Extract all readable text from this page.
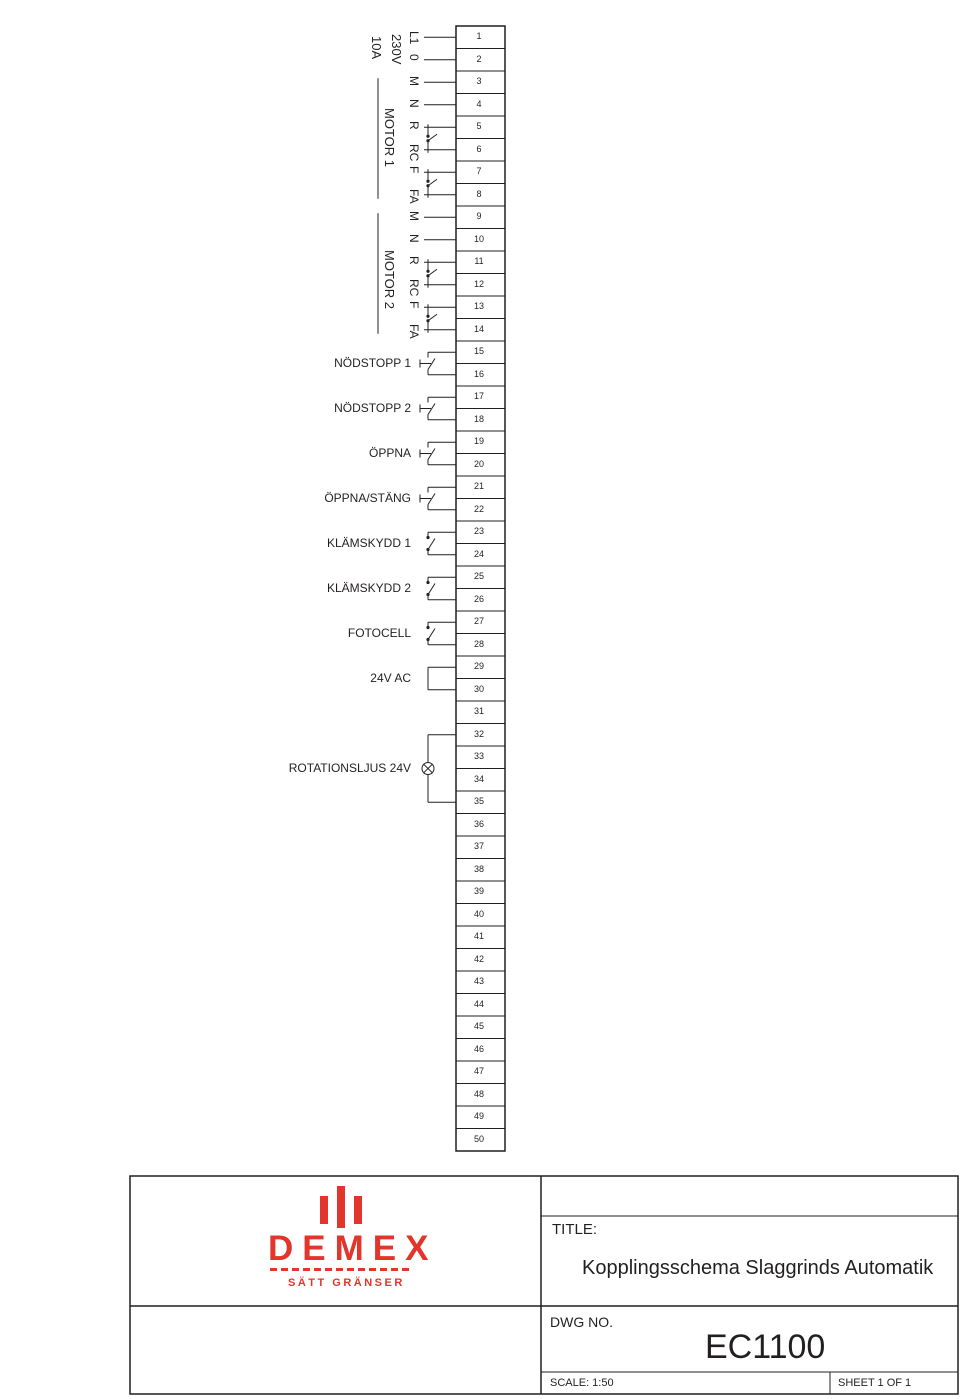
230V
10A
MOTOR 1
MOTOR 2
L1
0
M
N
R
RC
F
FA
M
N
R
RC
F
FA
NÖDSTOPP 1
NÖDSTOPP 2
ÖPPNA
ÖPPNA/STÄNG
KLÄMSKYDD 1
KLÄMSKYDD 2
FOTOCELL
24V AC
ROTATIONSLJUS 24V
1
2
3
4
5
6
7
8
9
10
11
12
13
14
15
16
17
18
19
20
21
22
23
24
25
26
27
28
29
30
31
32
33
34
35
36
37
38
39
40
41
42
43
44
45
46
47
48
49
50
DEMEX
SÄTT GRÄNSER
TITLE:
Kopplingsschema Slaggrinds Automatik
DWG NO.
EC1100
SCALE: 1:50	SHEET 1 OF 1
